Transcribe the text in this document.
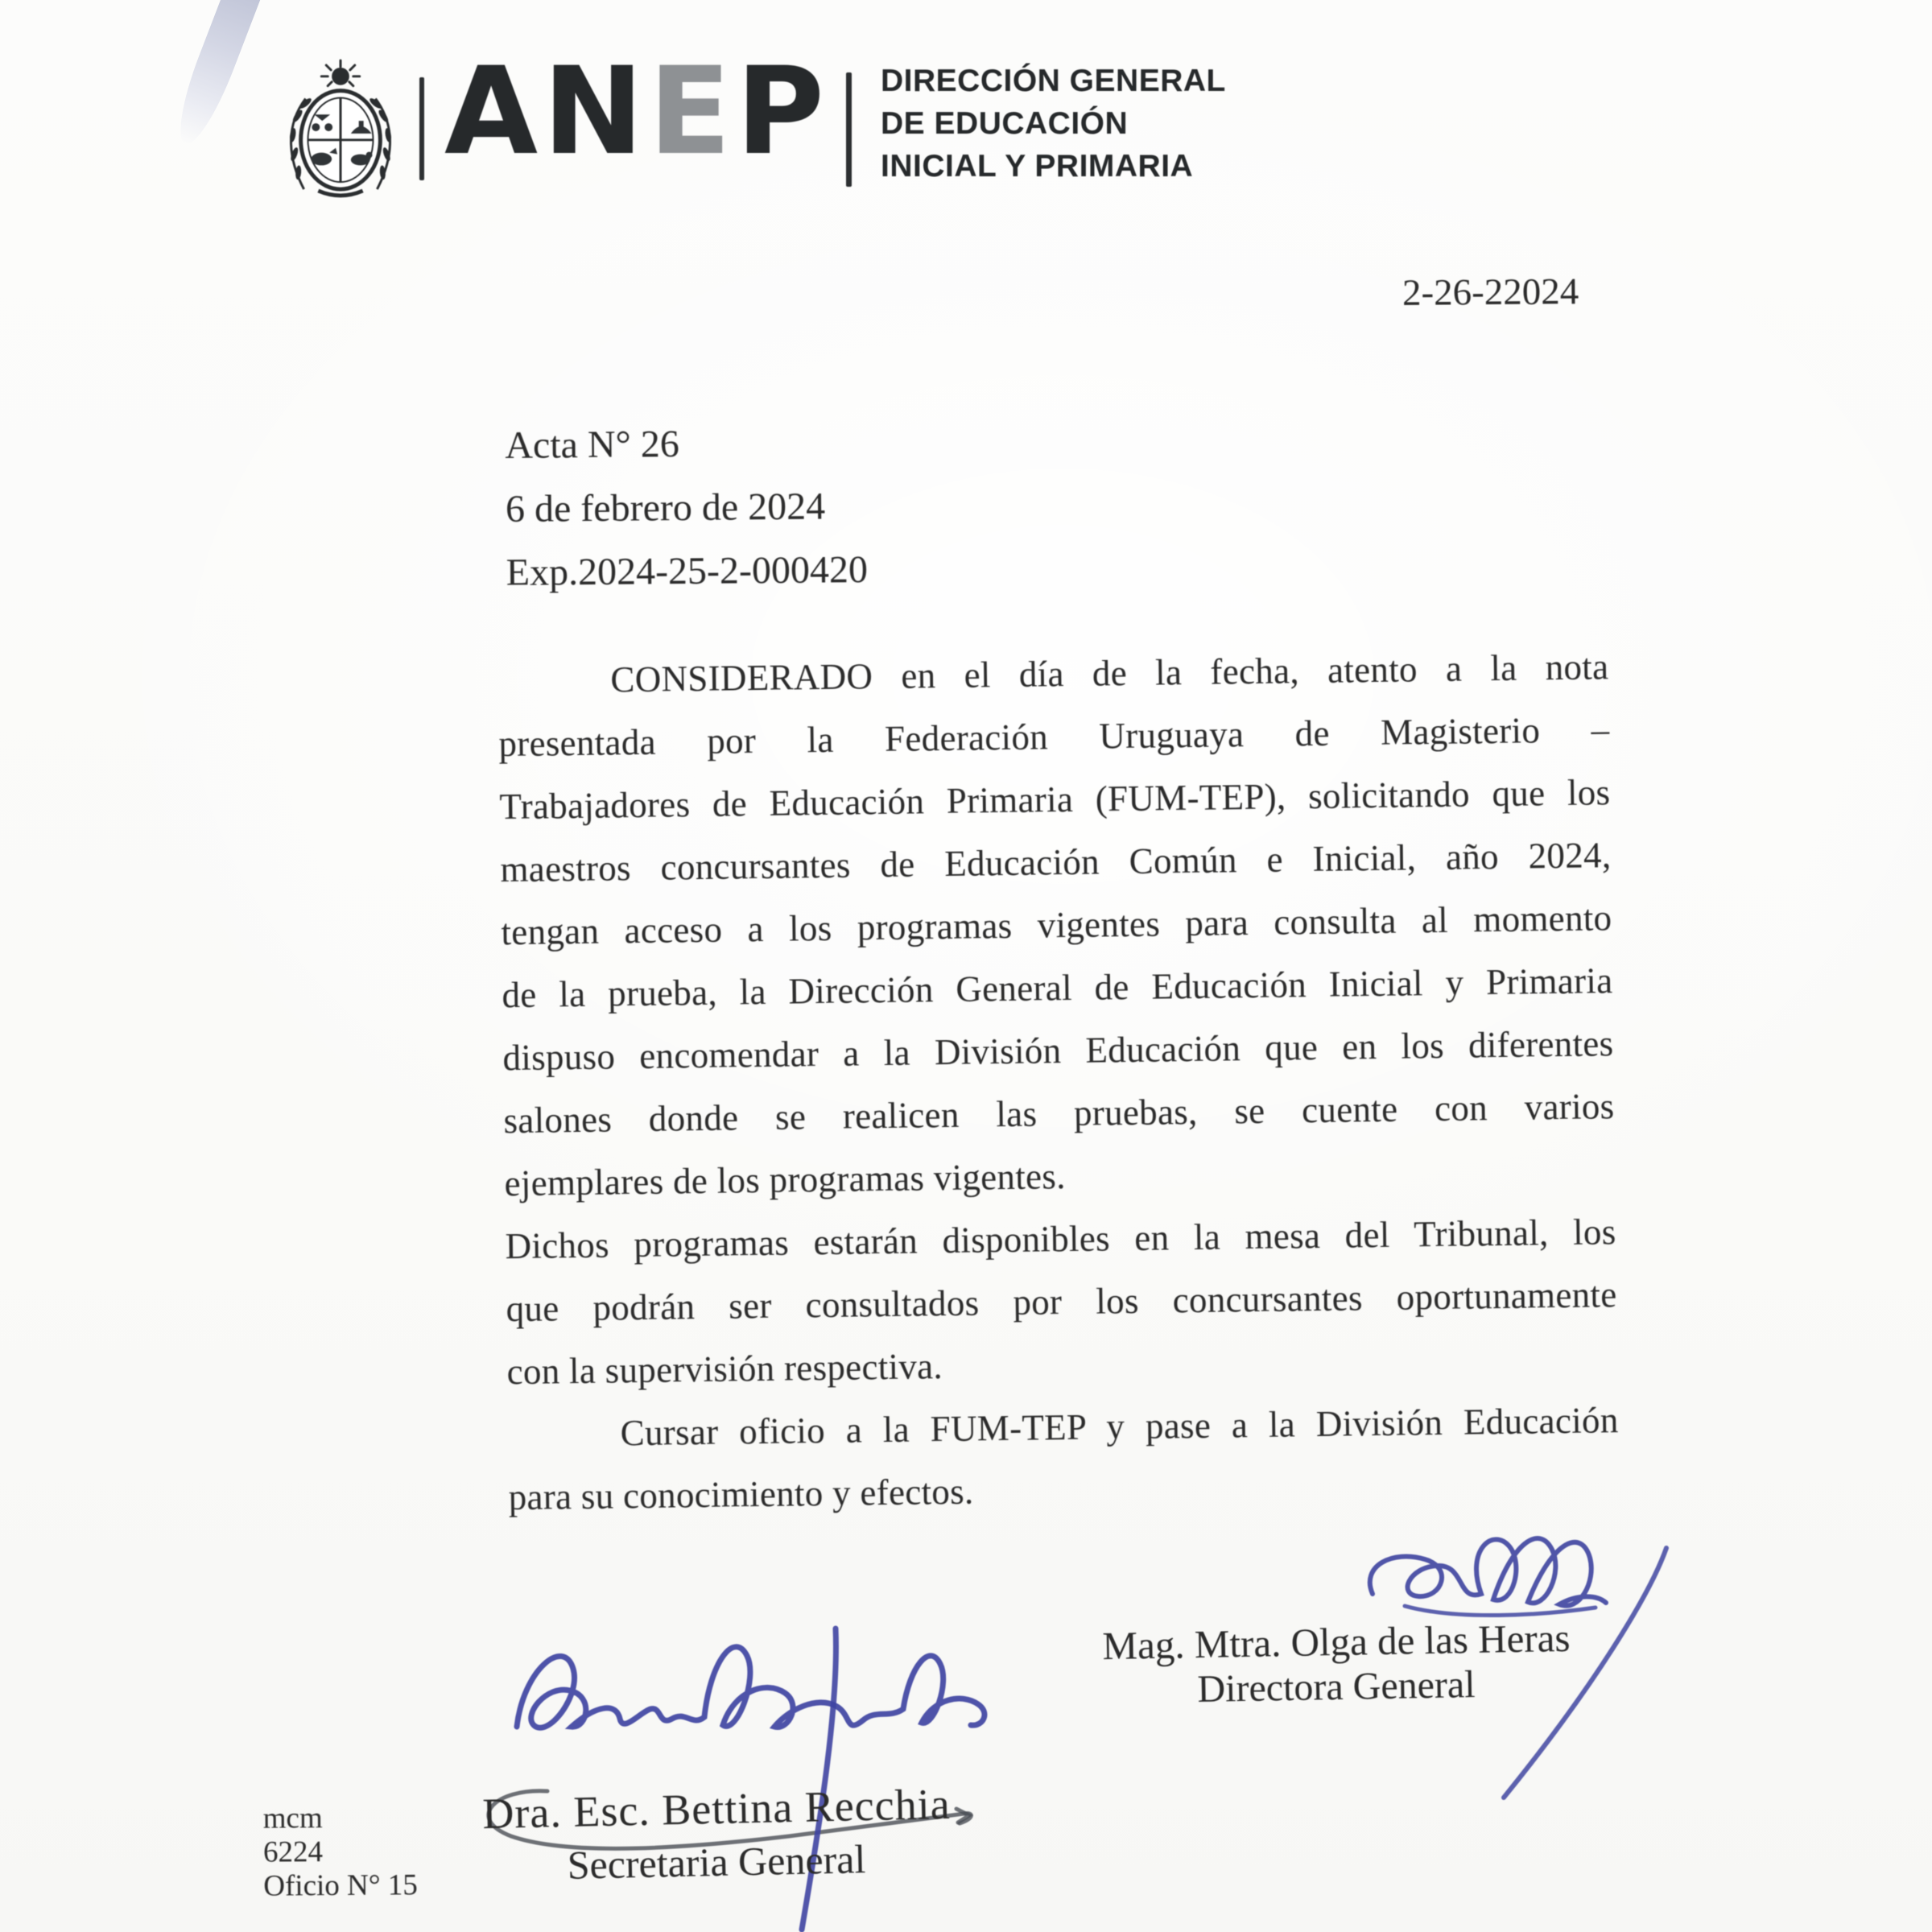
A N E P DIRECCIÓN GENERAL
DE EDUCACIÓN
INICIAL Y PRIMARIA
2-26-22024
Acta N° 26
6 de febrero de 2024
Exp.2024-25-2-000420
CONSIDERADO en el día de la fecha, atento a la nota
presentada por la Federación Uruguaya de Magisterio –
Trabajadores de Educación Primaria (FUM-TEP), solicitando que los
maestros concursantes de Educación Común e Inicial, año 2024,
tengan acceso a los programas vigentes para consulta al momento
de la prueba, la Dirección General de Educación Inicial y Primaria
dispuso encomendar a la División Educación que en los diferentes
salones donde se realicen las pruebas, se cuente con varios
ejemplares de los programas vigentes.
Dichos programas estarán disponibles en la mesa del Tribunal, los
que podrán ser consultados por los concursantes oportunamente
con la supervisión respectiva.
Cursar oficio a la FUM-TEP y pase a la División Educación
para su conocimiento y efectos.
Mag. Mtra. Olga de las Heras
Directora General
Dra. Esc. Bettina Recchia
Secretaria General
mcm
6224
Oficio N° 15
